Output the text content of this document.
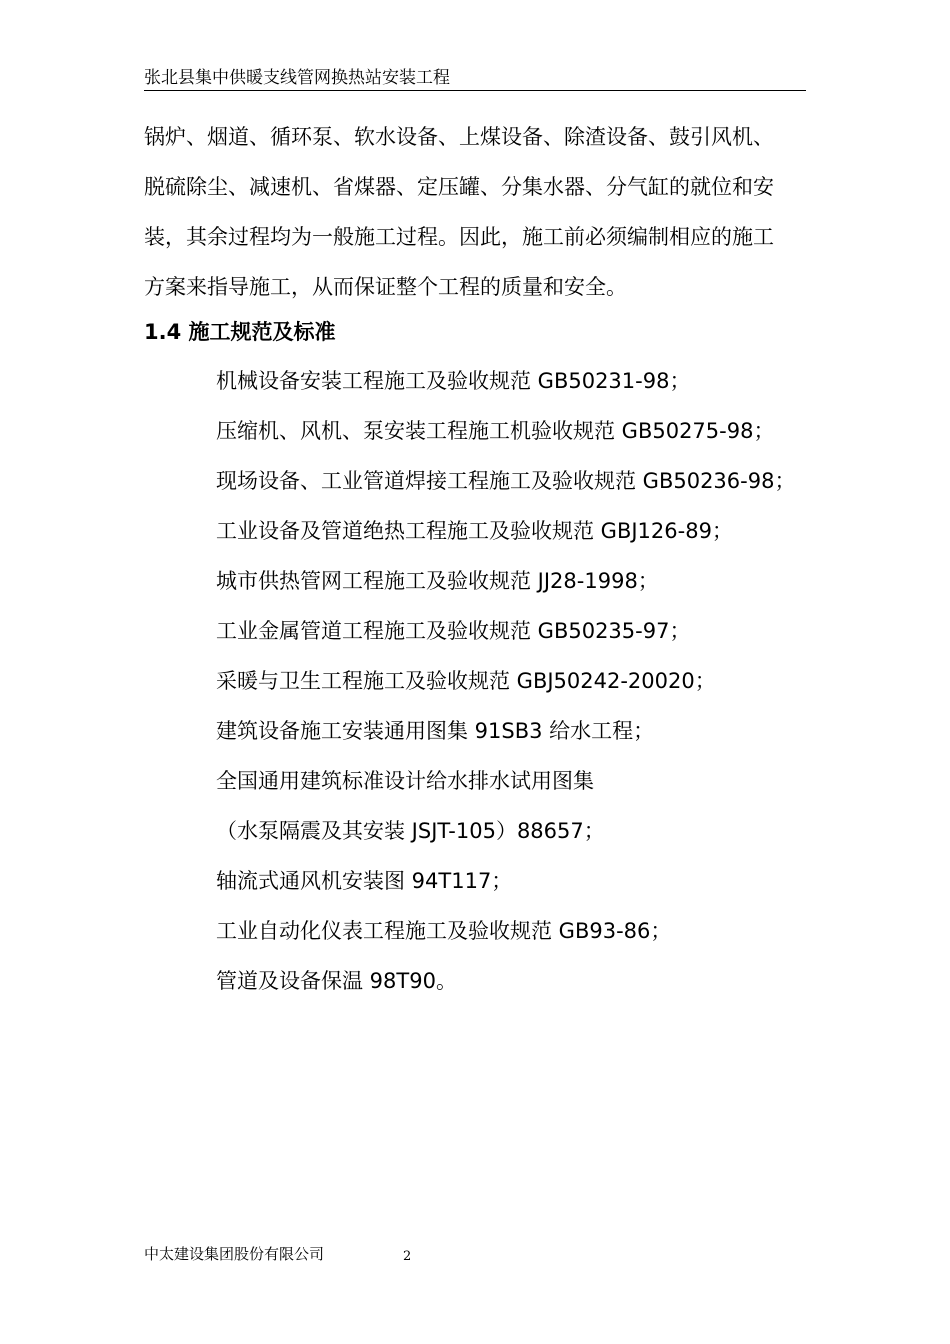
张北县集中供暖支线管网换热站安装工程
锅炉、烟道、循环泵、软水设备、上煤设备、除渣设备、鼓引风机、
脱硫除尘、减速机、省煤器、定压罐、分集水器、分气缸的就位和安
装，其余过程均为一般施工过程。因此，施工前必须编制相应的施工
方案来指导施工，从而保证整个工程的质量和安全。
1.4 施工规范及标准
机械设备安装工程施工及验收规范 GB50231-98；
压缩机、风机、泵安装工程施工机验收规范 GB50275-98；
现场设备、工业管道焊接工程施工及验收规范 GB50236-98；
工业设备及管道绝热工程施工及验收规范 GBJ126-89；
城市供热管网工程施工及验收规范 JJ28-1998；
工业金属管道工程施工及验收规范 GB50235-97；
采暖与卫生工程施工及验收规范 GBJ50242-20020；
建筑设备施工安装通用图集 91SB3 给水工程；
全国通用建筑标准设计给水排水试用图集
（水泵隔震及其安装 JSJT-105）88657；
轴流式通风机安装图 94T117；
工业自动化仪表工程施工及验收规范 GB93-86；
管道及设备保温 98T90。
中太建设集团股份有限公司	2
